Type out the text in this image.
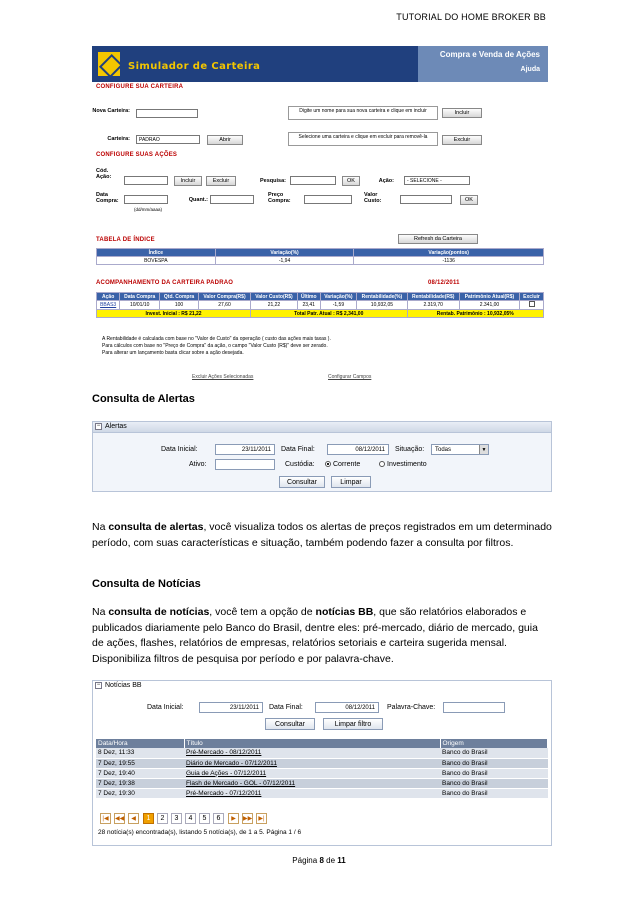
TUTORIAL DO HOME BROKER BB
Simulador de Carteira
Compra e Venda de Ações
Ajuda
CONFIGURE SUA CARTEIRA
Nova Carteira:	Digite um nome para sua nova carteira e clique em incluir	Incluir
Carteira:	PADRAO	Abrir	Selecione uma carteira e clique em excluir para removê-la	Excluir
CONFIGURE SUAS AÇÕES
Cód. Ação:
Incluir	Excluir	Pesquisa:	OK	Ação:	- SELECIONE -
Data Compra:
(dd/mm/aaaa)
Quant.:
Preço Compra:
Valor Custo:	OK
TABELA DE ÍNDICE	Refresh da Carteira
Índice	Variação(%)	Variação(pontos)
BOVESPA	-1,94	-1136
ACOMPANHAMENTO DA CARTEIRA PADRAO	08/12/2011
Ação	Data Compra	Qtd. Compra	Valor Compra(R$)	Valor Custo(R$)	Último	Variação(%)	Rentabilidade(%)	Rentabilidade(R$)	Patrimônio Atual(R$)	Excluir
BBAS3	10/01/10	100	27,60	21,22	23,41	-1,59	10,932,05	2.319,70	2.341,00	
Invest. Inicial : R$ 21,22				Total Patr. Atual : R$ 2,341,00				Rentab. Patrimônio : 10,932,05%		
A Rentabilidade é calculada com base no "Valor de Custo" da operação ( custo das ações mais taxas ).
Para cálculos com base no "Preço de Compra" da ação, o campo "Valor Custo (R$)" deve ser zerado.
Para alterar um lançamento basta clicar sobre a ação desejada.
Excluir Ações Selecionadas	Configurar Campos
Consulta de Alertas
− Alertas
Data Inicial:	23/11/2011	Data Final:	08/12/2011	Situação:	Todas	▼
Ativo:	Custódia:	Corrente	Investimento
Consultar	Limpar
Na consulta de alertas, você visualiza todos os alertas de preços registrados em um determinado período, com suas características e situação, também podendo fazer a consulta por filtros.
Consulta de Notícias
Na consulta de notícias, você tem a opção de notícias BB, que são relatórios elaborados e publicados diariamente pelo Banco do Brasil, dentre eles: pré-mercado, diário de mercado, guia de ações, flashes, relatórios de empresas, relatórios setoriais e carteira sugerida mensal. Disponibiliza filtros de pesquisa por período e por palavra-chave.
− Notícias BB
Data Inicial:	23/11/2011	Data Final:	08/12/2011	Palavra-Chave:
Consultar	Limpar filtro
Data/Hora	Título	Origem
8 Dez, 11:33	Pré-Mercado - 08/12/2011	Banco do Brasil
7 Dez, 19:55	Diário de Mercado - 07/12/2011	Banco do Brasil
7 Dez, 19:40	Guia de Ações - 07/12/2011	Banco do Brasil
7 Dez, 19:38	Flash de Mercado - GOL - 07/12/2011	Banco do Brasil
7 Dez, 19:30	Pré-Mercado - 07/12/2011	Banco do Brasil
|◀	◀◀	◀	1	2	3	4	5	6	▶	▶▶	▶|
28 notícia(s) encontrada(s), listando 5 notícia(s), de 1 a 5. Página 1 / 6
Página 8 de 11
